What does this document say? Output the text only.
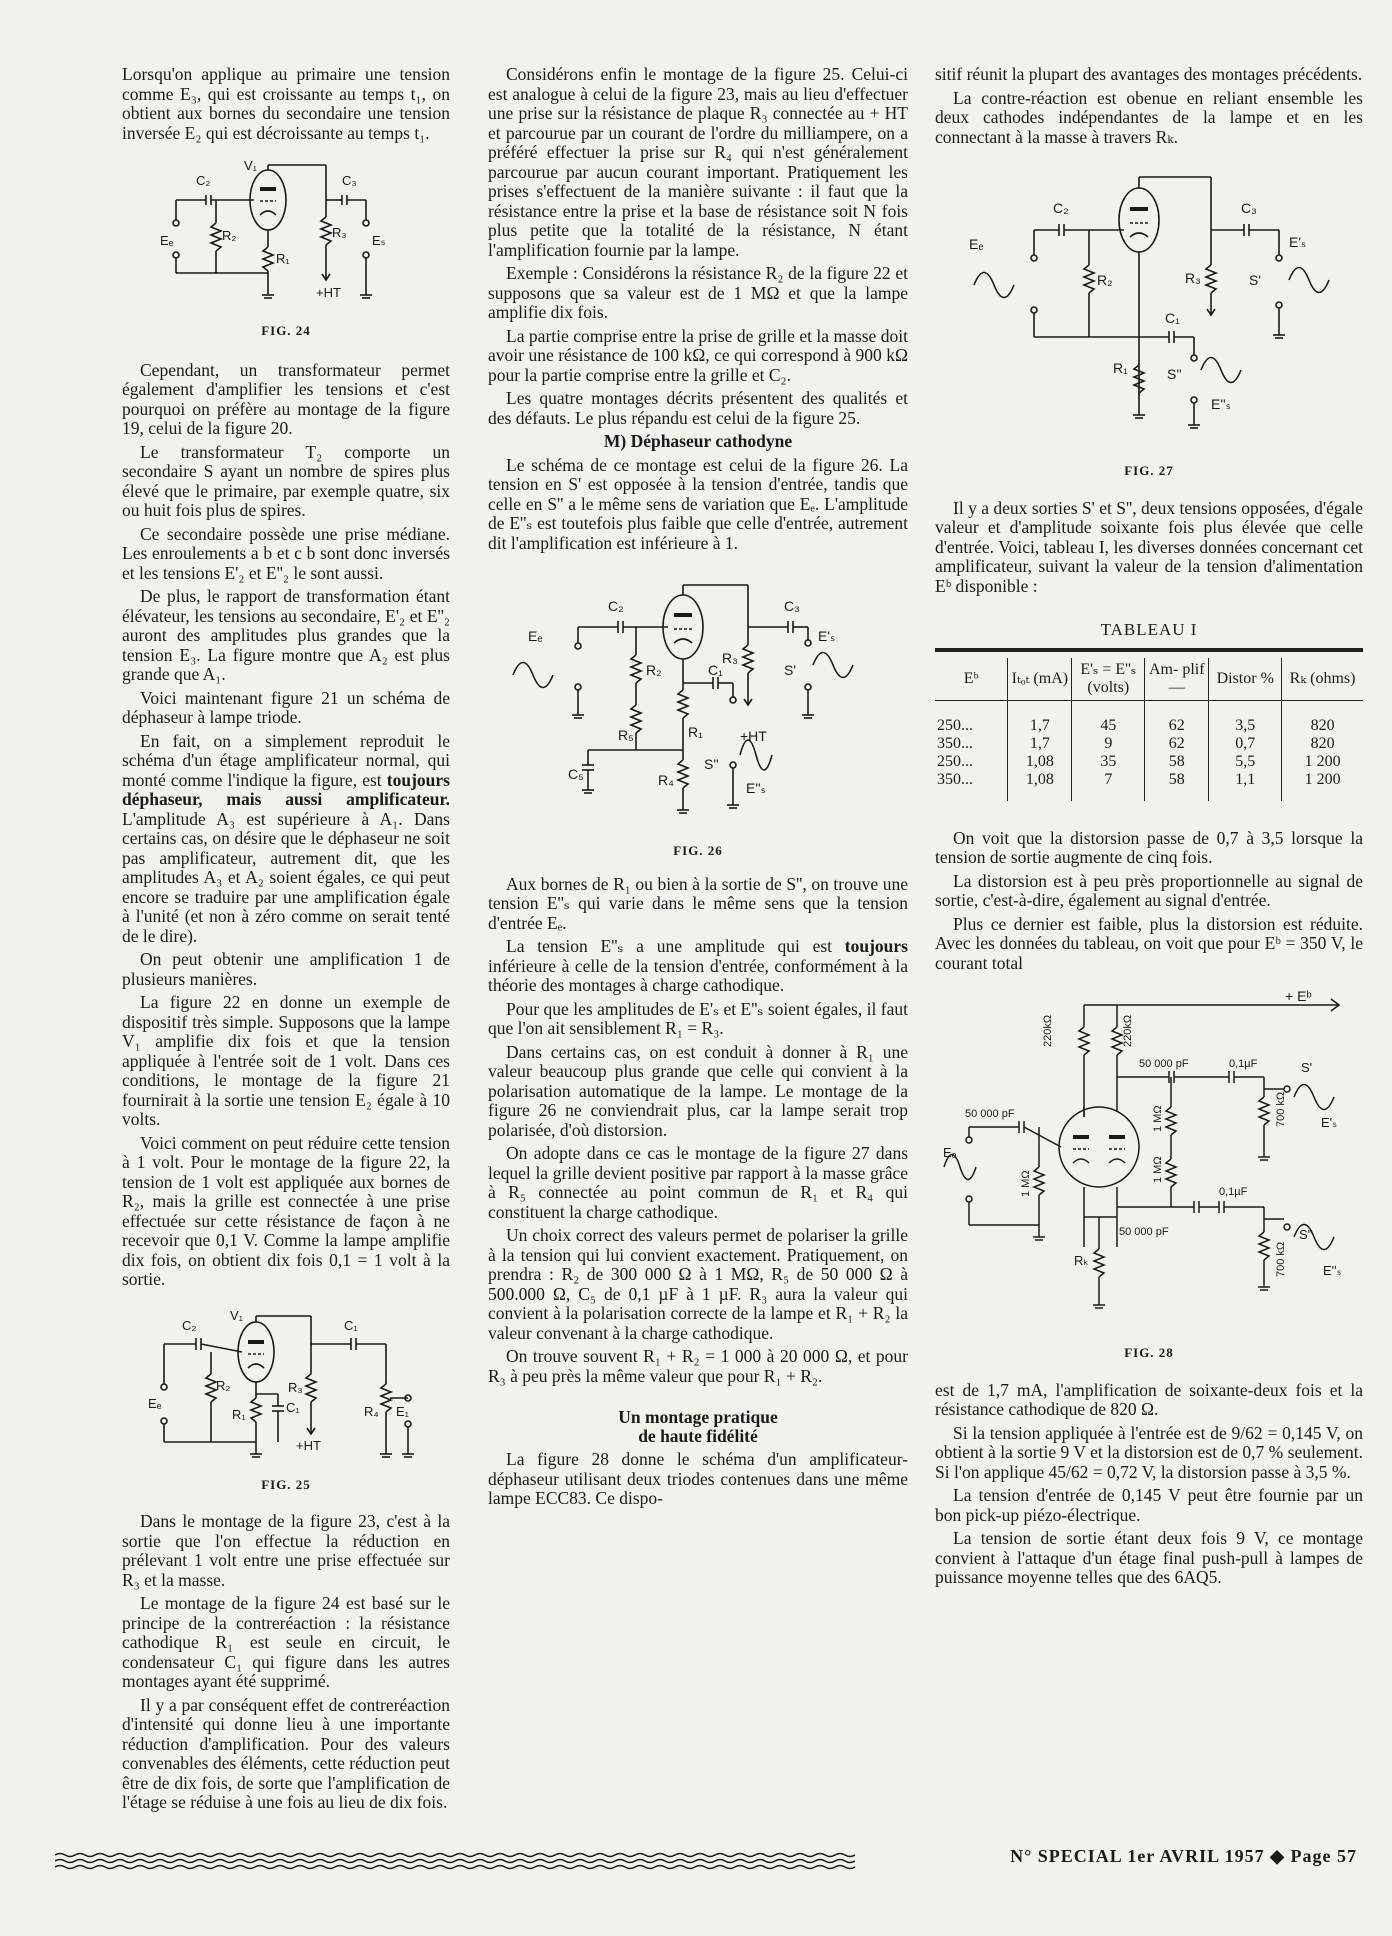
Lorsqu'on applique au primaire une tension comme E₃, qui est croissante au temps t₁, on obtient aux bornes du secondaire une tension inversée E₂ qui est décroissante au temps t₁.

C₂
V₁
C₃
R₂
Eₑ
R₁
R₃
Eₛ
+HT

FIG. 24

Cependant, un transformateur permet également d'amplifier les tensions et c'est pourquoi on préfère au montage de la figure 19, celui de la figure 20.

Le transformateur T₂ comporte un secondaire S ayant un nombre de spires plus élevé que le primaire, par exemple quatre, six ou huit fois plus de spires.

Ce secondaire possède une prise médiane. Les enroulements a b et c b sont donc inversés et les tensions E'₂ et E''₂ le sont aussi.

De plus, le rapport de transformation étant élévateur, les tensions au secondaire, E'₂ et E''₂ auront des amplitudes plus grandes que la tension E₃. La figure montre que A₂ est plus grande que A₁.

Voici maintenant figure 21 un schéma de déphaseur à lampe triode.

En fait, on a simplement reproduit le schéma d'un étage amplificateur normal, qui monté comme l'indique la figure, est toujours déphaseur, mais aussi amplificateur. L'amplitude A₃ est supérieure à A₁. Dans certains cas, on désire que le déphaseur ne soit pas amplificateur, autrement dit, que les amplitudes A₃ et A₂ soient égales, ce qui peut encore se traduire par une amplification égale à l'unité (et non à zéro comme on serait tenté de le dire).

On peut obtenir une amplification 1 de plusieurs manières.

La figure 22 en donne un exemple de dispositif très simple. Supposons que la lampe V₁ amplifie dix fois et que la tension appliquée à l'entrée soit de 1 volt. Dans ces conditions, le montage de la figure 21 fournirait à la sortie une tension E₂ égale à 10 volts.

Voici comment on peut réduire cette tension à 1 volt. Pour le montage de la figure 22, la tension de 1 volt est appliquée aux bornes de R₂, mais la grille est connectée à une prise effectuée sur cette résistance de façon à ne recevoir que 0,1 V. Comme la lampe amplifie dix fois, on obtient dix fois 0,1 = 1 volt à la sortie.

C₂
V₁
C₁
R₂
Eₑ
R₁	C₁
R₃
R₄ E₁
+HT

FIG. 25

Dans le montage de la figure 23, c'est à la sortie que l'on effectue la réduction en prélevant 1 volt entre une prise effectuée sur R₃ et la masse.

Le montage de la figure 24 est basé sur le principe de la contreréaction : la résistance cathodique R₁ est seule en circuit, le condensateur C₁ qui figure dans les autres montages ayant été supprimé.

Il y a par conséquent effet de contreréaction d'intensité qui donne lieu à une importante réduction d'amplification. Pour des valeurs convenables des éléments, cette réduction peut être de dix fois, de sorte que l'amplification de l'étage se réduise à une fois au lieu de dix fois.

Considérons enfin le montage de la figure 25. Celui-ci est analogue à celui de la figure 23, mais au lieu d'effectuer une prise sur la résistance de plaque R₃ connectée au + HT et parcourue par un courant de l'ordre du milliampere, on a préféré effectuer la prise sur R₄ qui n'est généralement parcourue par aucun courant important. Pratiquement les prises s'effectuent de la manière suivante : il faut que la résistance entre la prise et la base de résistance soit N fois plus petite que la totalité de la résistance, N étant l'amplification fournie par la lampe.

Exemple : Considérons la résistance R₂ de la figure 22 et supposons que sa valeur est de 1 MΩ et que la lampe amplifie dix fois.

La partie comprise entre la prise de grille et la masse doit avoir une résistance de 100 kΩ, ce qui correspond à 900 kΩ pour la partie comprise entre la grille et C₂.

Les quatre montages décrits présentent des qualités et des défauts. Le plus répandu est celui de la figure 25.

M) Déphaseur cathodyne

Le schéma de ce montage est celui de la figure 26. La tension en S' est opposée à la tension d'entrée, tandis que celle en S'' a le même sens de variation que Eₑ. L'amplitude de E''ₛ est toutefois plus faible que celle d'entrée, autrement dit l'amplification est inférieure à 1.

C₂	C₃
Eₑ
R₂
R₃
C₁
E'ₛ
S'
R₅	R₁	+HT
C₅	R₄
S''
E''ₛ

FIG. 26

Aux bornes de R₁ ou bien à la sortie de S'', on trouve une tension E''ₛ qui varie dans le même sens que la tension d'entrée Eₑ.

La tension E''ₛ a une amplitude qui est toujours inférieure à celle de la tension d'entrée, conformément à la théorie des montages à charge cathodique.

Pour que les amplitudes de E'ₛ et E''ₛ soient égales, il faut que l'on ait sensiblement R₁ = R₃.

Dans certains cas, on est conduit à donner à R₁ une valeur beaucoup plus grande que celle qui convient à la polarisation automatique de la lampe. Le montage de la figure 26 ne conviendrait plus, car la lampe serait trop polarisée, d'où distorsion.

On adopte dans ce cas le montage de la figure 27 dans lequel la grille devient positive par rapport à la masse grâce à R₅ connectée au point commun de R₁ et R₄ qui constituent la charge cathodique.

Un choix correct des valeurs permet de polariser la grille à la tension qui lui convient exactement. Pratiquement, on prendra : R₂ de 300 000 Ω à 1 MΩ, R₅ de 50 000 Ω à 500.000 Ω, C₅ de 0,1 µF à 1 µF. R₃ aura la valeur qui convient à la polarisation correcte de la lampe et R₁ + R₂ la valeur convenant à la charge cathodique.

On trouve souvent R₁ + R₂ = 1 000 à 20 000 Ω, et pour R₃ à peu près la même valeur que pour R₁ + R₂.

Un montage pratique
de haute fidélité

La figure 28 donne le schéma d'un amplificateur-déphaseur utilisant deux triodes contenues dans une même lampe ECC83. Ce dispo-

sitif réunit la plupart des avantages des montages précédents.

La contre-réaction est obenue en reliant ensemble les deux cathodes indépendantes de la lampe et en les connectant à la masse à travers Rₖ.

C₂	C₃
Eₑ
R₂	R₃
E'ₛ
S'
C₁
R₁	S''
E''ₛ

FIG. 27

Il y a deux sorties S' et S'', deux tensions opposées, d'égale valeur et d'amplitude soixante fois plus élevée que celle d'entrée. Voici, tableau I, les diverses données concernant cet amplificateur, suivant la valeur de la tension d'alimentation Eᵇ disponible :

TABLEAU I
Eᵇ	Iₜₒₜ (mA)	E'ₛ = E''ₛ (volts)	Am- plif —	Distor %	Rₖ (ohms)

250...	1,7	45	62	3,5	820
350...	1,7	9	62	0,7	820
250...	1,08	35	58	5,5	1 200
350...	1,08	7	58	1,1	1 200

On voit que la distorsion passe de 0,7 à 3,5 lorsque la tension de sortie augmente de cinq fois.

La distorsion est à peu près proportionnelle au signal de sortie, c'est-à-dire, également au signal d'entrée.

Plus ce dernier est faible, plus la distorsion est réduite. Avec les données du tableau, on voit que pour Eᵇ = 350 V, le courant total

+ Eᵇ
220kΩ	220kΩ
50 000 pF	0,1µF
50 000 pF	1 MΩ	700 kΩ
S'
E'ₛ
Eₑ
1 MΩ
1 MΩ
0,1µF
50 000 pF
Rₖ	700 kΩ
S''
E''ₛ

FIG. 28

est de 1,7 mA, l'amplification de soixante-deux fois et la résistance cathodique de 820 Ω.

Si la tension appliquée à l'entrée est de 9/62 = 0,145 V, on obtient à la sortie 9 V et la distorsion est de 0,7 % seulement. Si l'on applique 45/62 = 0,72 V, la distorsion passe à 3,5 %.

La tension d'entrée de 0,145 V peut être fournie par un bon pick-up piézo-électrique.

La tension de sortie étant deux fois 9 V, ce montage convient à l'attaque d'un étage final push-pull à lampes de puissance moyenne telles que des 6AQ5.

N° SPECIAL 1er AVRIL 1957 ◆ Page 57
